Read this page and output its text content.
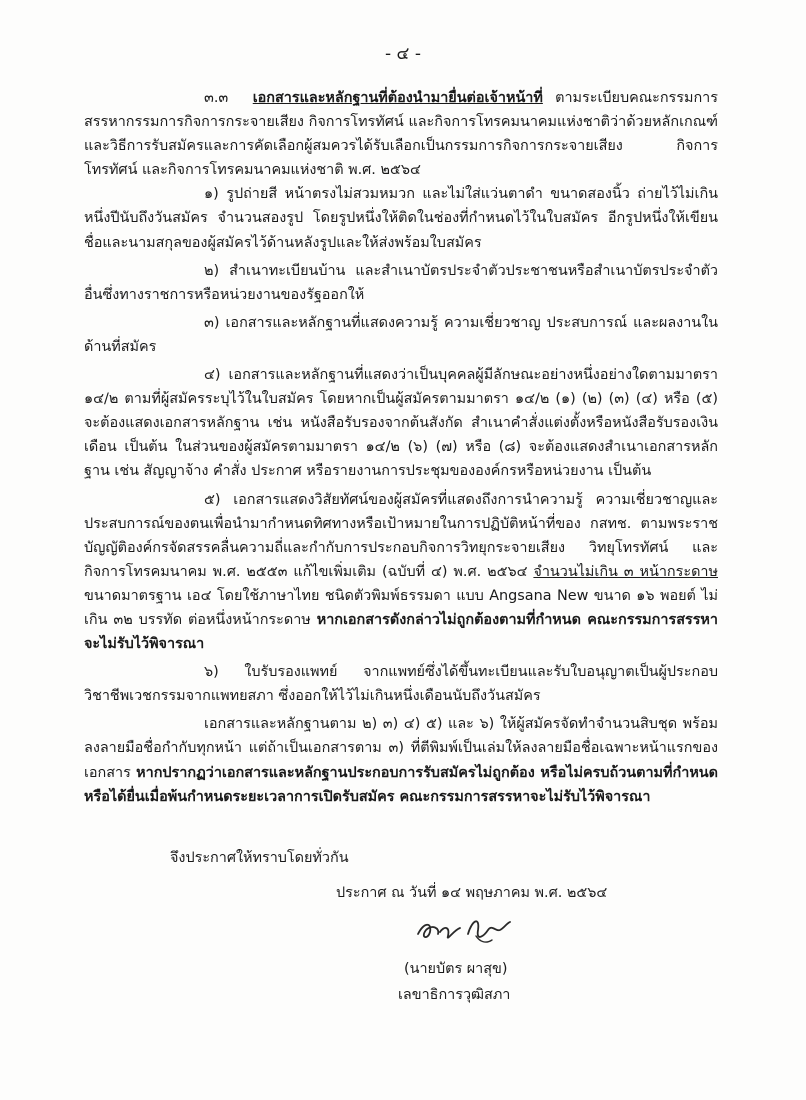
- ๔ -

๓.๓ เอกสารและหลักฐานที่ต้องนำมายื่นต่อเจ้าหน้าที่ ตามระเบียบคณะกรรมการสรรหากรรมการกิจการกระจายเสียง กิจการโทรทัศน์ และกิจการโทรคมนาคมแห่งชาติว่าด้วยหลักเกณฑ์และวิธีการรับสมัครและการคัดเลือกผู้สมควรได้รับเลือกเป็นกรรมการกิจการกระจายเสียง กิจการโทรทัศน์ และกิจการโทรคมนาคมแห่งชาติ พ.ศ. ๒๕๖๔

๑) รูปถ่ายสี หน้าตรงไม่สวมหมวก และไม่ใส่แว่นตาดำ ขนาดสองนิ้ว ถ่ายไว้ไม่เกินหนึ่งปีนับถึงวันสมัคร จำนวนสองรูป โดยรูปหนึ่งให้ติดในช่องที่กำหนดไว้ในใบสมัคร อีกรูปหนึ่งให้เขียนชื่อและนามสกุลของผู้สมัครไว้ด้านหลังรูปและให้ส่งพร้อมใบสมัคร

๒) สำเนาทะเบียนบ้าน และสำเนาบัตรประจำตัวประชาชนหรือสำเนาบัตรประจำตัวอื่นซึ่งทางราชการหรือหน่วยงานของรัฐออกให้

๓) เอกสารและหลักฐานที่แสดงความรู้ ความเชี่ยวชาญ ประสบการณ์ และผลงานในด้านที่สมัคร

๔) เอกสารและหลักฐานที่แสดงว่าเป็นบุคคลผู้มีลักษณะอย่างหนึ่งอย่างใดตามมาตรา ๑๔/๒ ตามที่ผู้สมัครระบุไว้ในใบสมัคร โดยหากเป็นผู้สมัครตามมาตรา ๑๔/๒ (๑) (๒) (๓) (๔) หรือ (๕) จะต้องแสดงเอกสารหลักฐาน เช่น หนังสือรับรองจากต้นสังกัด สำเนาคำสั่งแต่งตั้งหรือหนังสือรับรองเงินเดือน เป็นต้น ในส่วนของผู้สมัครตามมาตรา ๑๔/๒ (๖) (๗) หรือ (๘) จะต้องแสดงสำเนาเอกสารหลักฐาน เช่น สัญญาจ้าง คำสั่ง ประกาศ หรือรายงานการประชุมขององค์กรหรือหน่วยงาน เป็นต้น

๕) เอกสารแสดงวิสัยทัศน์ของผู้สมัครที่แสดงถึงการนำความรู้ ความเชี่ยวชาญและประสบการณ์ของตนเพื่อนำมากำหนดทิศทางหรือเป้าหมายในการปฏิบัติหน้าที่ของ กสทช. ตามพระราชบัญญัติองค์กรจัดสรรคลื่นความถี่และกำกับการประกอบกิจการวิทยุกระจายเสียง วิทยุโทรทัศน์ และกิจการโทรคมนาคม พ.ศ. ๒๕๕๓ แก้ไขเพิ่มเติม (ฉบับที่ ๔) พ.ศ. ๒๕๖๔ จำนวนไม่เกิน ๓ หน้ากระดาษ ขนาดมาตรฐาน เอ๔ โดยใช้ภาษาไทย ชนิดตัวพิมพ์ธรรมดา แบบ Angsana New ขนาด ๑๖ พอยต์ ไม่เกิน ๓๒ บรรทัด ต่อหนึ่งหน้ากระดาษ หากเอกสารดังกล่าวไม่ถูกต้องตามที่กำหนด คณะกรรมการสรรหาจะไม่รับไว้พิจารณา

๖) ใบรับรองแพทย์ จากแพทย์ซึ่งได้ขึ้นทะเบียนและรับใบอนุญาตเป็นผู้ประกอบวิชาชีพเวชกรรมจากแพทยสภา ซึ่งออกให้ไว้ไม่เกินหนึ่งเดือนนับถึงวันสมัคร

เอกสารและหลักฐานตาม ๒) ๓) ๔) ๕) และ ๖) ให้ผู้สมัครจัดทำจำนวนสิบชุด พร้อมลงลายมือชื่อกำกับทุกหน้า แต่ถ้าเป็นเอกสารตาม ๓) ที่ตีพิมพ์เป็นเล่มให้ลงลายมือชื่อเฉพาะหน้าแรกของเอกสาร หากปรากฏว่าเอกสารและหลักฐานประกอบการรับสมัครไม่ถูกต้อง หรือไม่ครบถ้วนตามที่กำหนด หรือได้ยื่นเมื่อพ้นกำหนดระยะเวลาการเปิดรับสมัคร คณะกรรมการสรรหาจะไม่รับไว้พิจารณา

จึงประกาศให้ทราบโดยทั่วกัน
ประกาศ ณ วันที่ ๑๔ พฤษภาคม พ.ศ. ๒๕๖๔
(นายบัตร ผาสุข)
เลขาธิการวุฒิสภา
